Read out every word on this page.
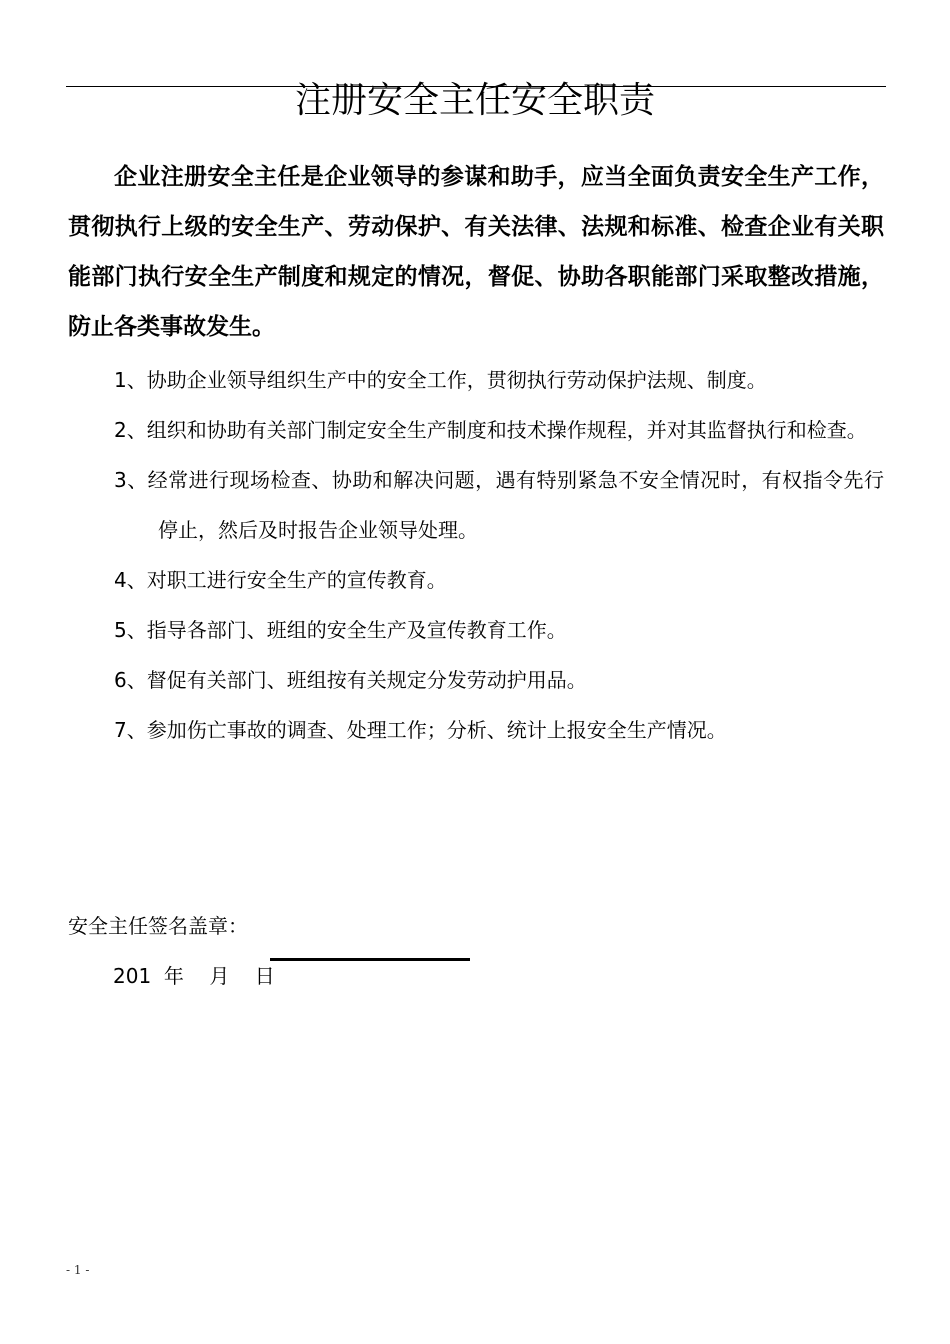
注册安全主任安全职责

企业注册安全主任是企业领导的参谋和助手，应当全面负责安全生产工作，贯彻执行上级的安全生产、劳动保护、有关法律、法规和标准、检查企业有关职能部门执行安全生产制度和规定的情况，督促、协助各职能部门采取整改措施，防止各类事故发生。

1、协助企业领导组织生产中的安全工作，贯彻执行劳动保护法规、制度。
2、组织和协助有关部门制定安全生产制度和技术操作规程，并对其监督执行和检查。
3、经常进行现场检查、协助和解决问题，遇有特别紧急不安全情况时，有权指令先行停止，然后及时报告企业领导处理。
4、对职工进行安全生产的宣传教育。
5、指导各部门、班组的安全生产及宣传教育工作。
6、督促有关部门、班组按有关规定分发劳动护用品。
7、参加伤亡事故的调查、处理工作；分析、统计上报安全生产情况。

安全主任签名盖章：

201  年    月    日

- 1 -
